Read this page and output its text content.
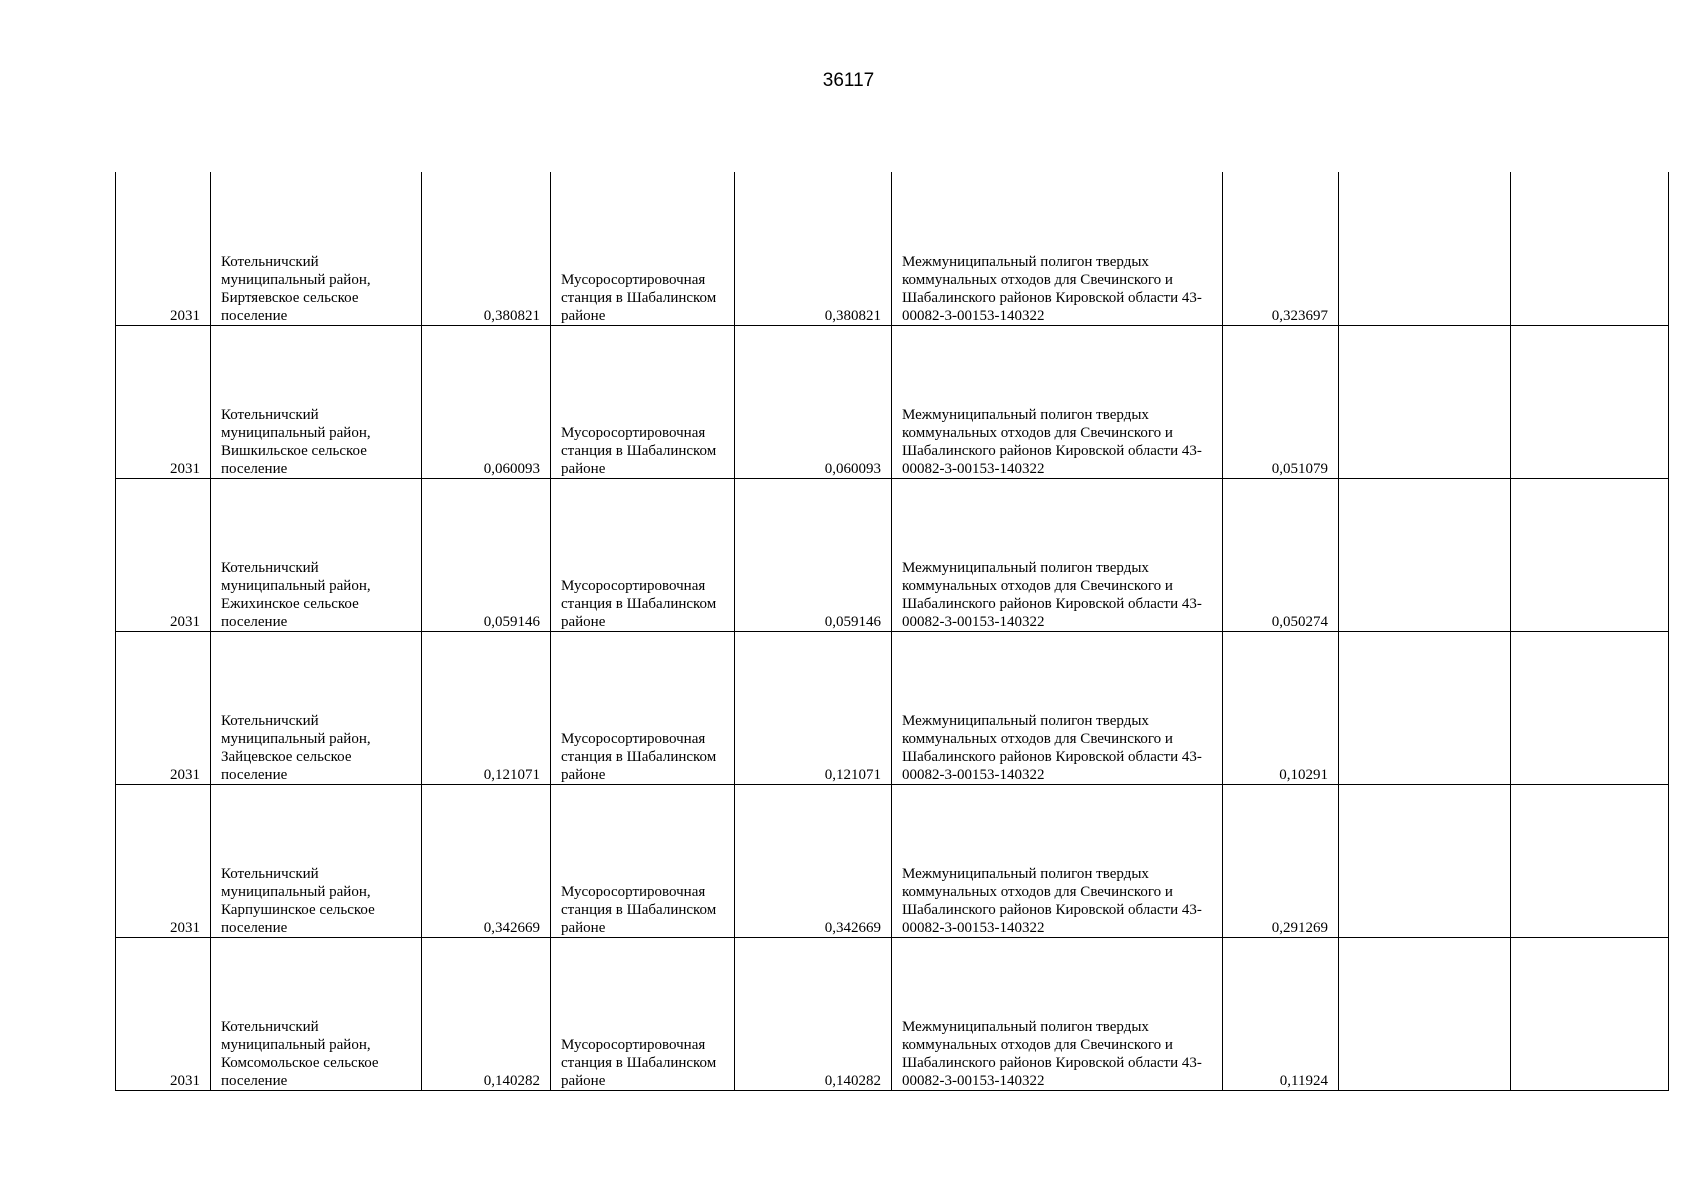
36117
2031	Котельничский муниципальный район, Биртяевское сельское поселение	0,380821	Мусоросортировочная станция в Шабалинском районе	0,380821	Межмуниципальный полигон твердых коммунальных отходов для Свечинского и Шабалинского районов Кировской области 43-00082-3-00153-140322	0,323697		
2031	Котельничский муниципальный район, Вишкильское сельское поселение	0,060093	Мусоросортировочная станция в Шабалинском районе	0,060093	Межмуниципальный полигон твердых коммунальных отходов для Свечинского и Шабалинского районов Кировской области 43-00082-3-00153-140322	0,051079		
2031	Котельничский муниципальный район, Ежихинское сельское поселение	0,059146	Мусоросортировочная станция в Шабалинском районе	0,059146	Межмуниципальный полигон твердых коммунальных отходов для Свечинского и Шабалинского районов Кировской области 43-00082-3-00153-140322	0,050274		
2031	Котельничский муниципальный район, Зайцевское сельское поселение	0,121071	Мусоросортировочная станция в Шабалинском районе	0,121071	Межмуниципальный полигон твердых коммунальных отходов для Свечинского и Шабалинского районов Кировской области 43-00082-3-00153-140322	0,10291		
2031	Котельничский муниципальный район, Карпушинское сельское поселение	0,342669	Мусоросортировочная станция в Шабалинском районе	0,342669	Межмуниципальный полигон твердых коммунальных отходов для Свечинского и Шабалинского районов Кировской области 43-00082-3-00153-140322	0,291269		
2031	Котельничский муниципальный район, Комсомольское сельское поселение	0,140282	Мусоросортировочная станция в Шабалинском районе	0,140282	Межмуниципальный полигон твердых коммунальных отходов для Свечинского и Шабалинского районов Кировской области 43-00082-3-00153-140322	0,11924		
